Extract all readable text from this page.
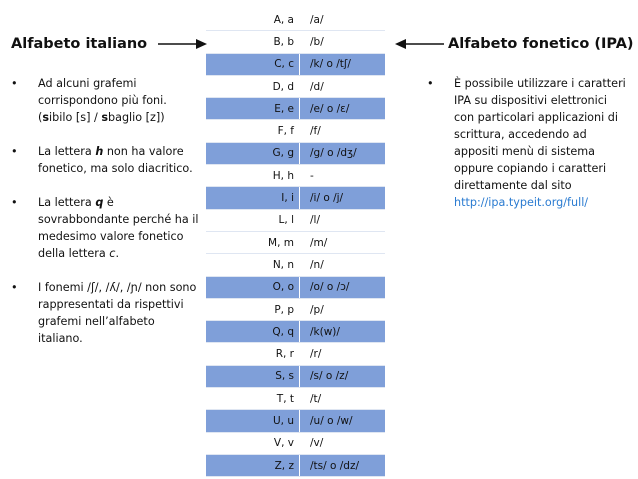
Alfabeto italiano	Alfabeto fonetico (IPA)
• Ad alcuni grafemi corrispondono più foni. (sibilo [s] / sbaglio [z])
• La lettera h non ha valore fonetico, ma solo diacritico.
• La lettera q è sovrabbondante perché ha il medesimo valore fonetico della lettera c.
• I fonemi /ʃ/, /ʎ/, /ɲ/ non sono rappresentati da rispettivi grafemi nell’alfabeto italiano.
• È possibile utilizzare i caratteri IPA su dispositivi elettronici con particolari applicazioni di scrittura, accedendo ad appositi menù di sistema oppure copiando i caratteri direttamente dal sito http://ipa.typeit.org/full/
A, a		/a/
B, b		/b/
C, c		/k/ o /tʃ/
D, d		/d/
E, e		/e/ o /ɛ/
F, f		/f/
G, g		/g/ o /dʒ/
H, h		-
I, i		/i/ o /j/
L, l		/l/
M, m		/m/
N, n		/n/
O, o		/o/ o /ɔ/
P, p		/p/
Q, q		/k(w)/
R, r		/r/
S, s		/s/ o /z/
T, t		/t/
U, u		/u/ o /w/
V, v		/v/
Z, z		/ts/ o /dz/
